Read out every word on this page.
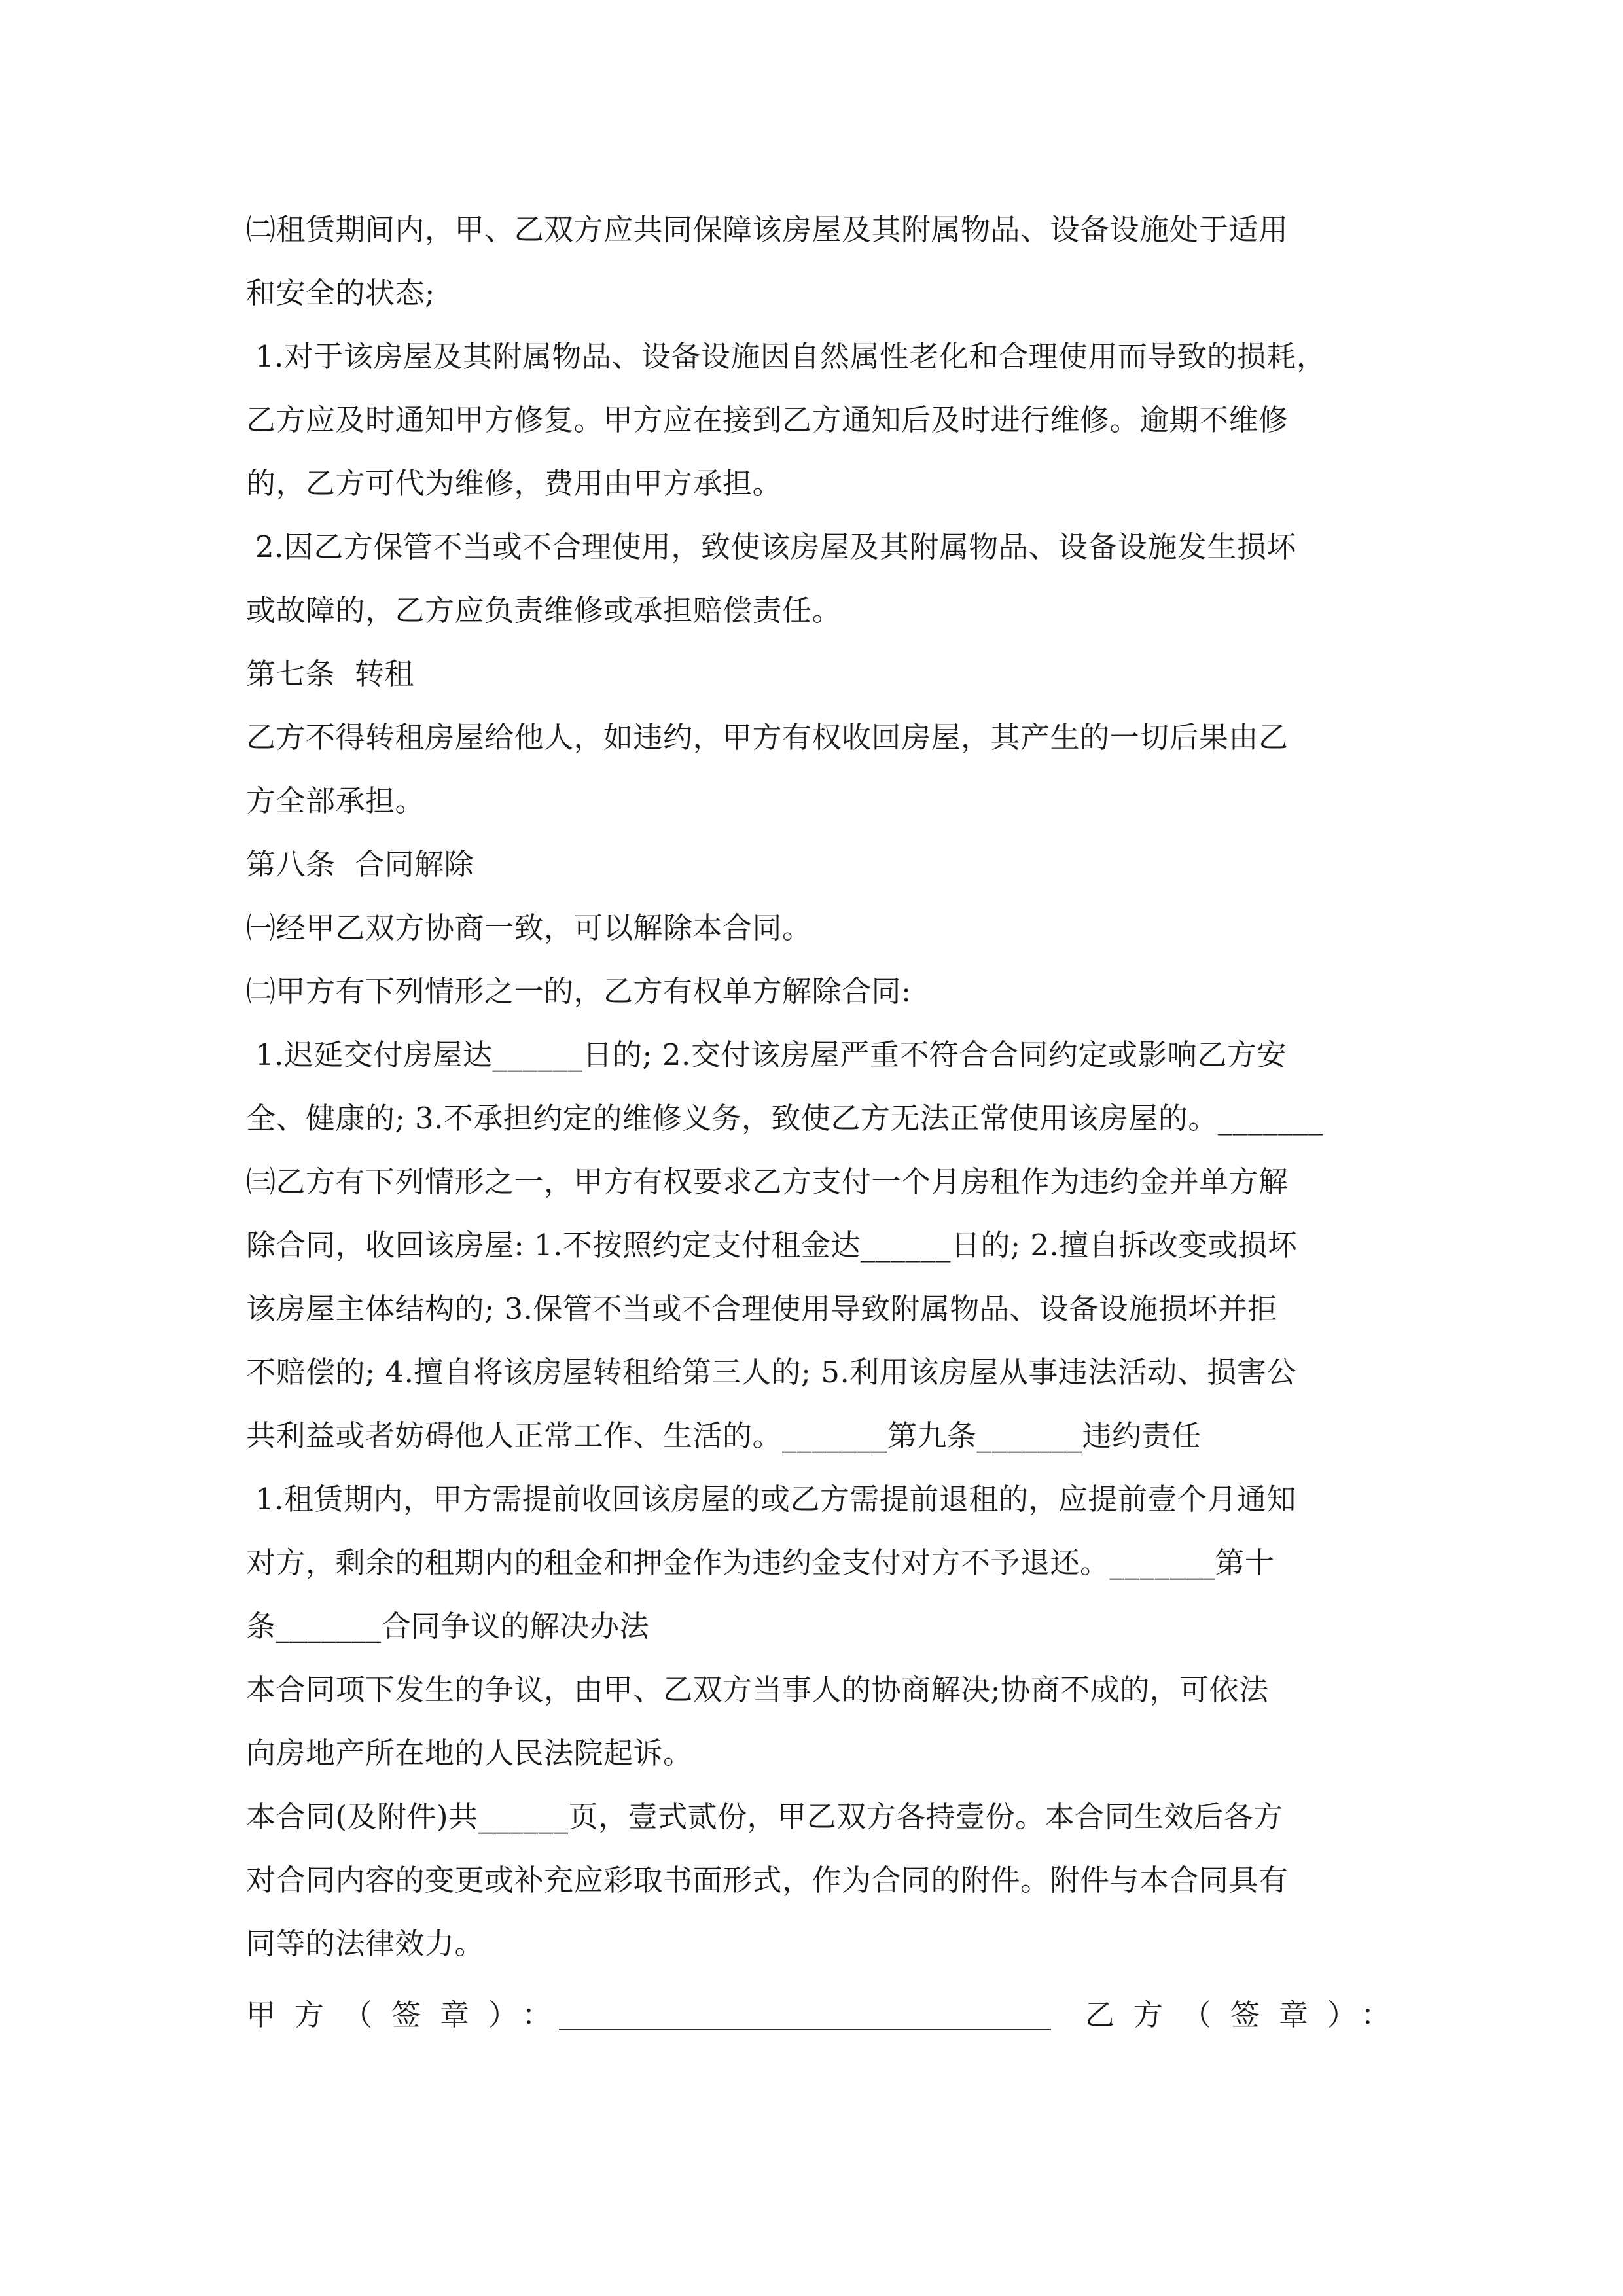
㈡租赁期间内，甲、乙双方应共同保障该房屋及其附属物品、设备设施处于适用
和安全的状态;
1.对于该房屋及其附属物品、设备设施因自然属性老化和合理使用而导致的损耗，
乙方应及时通知甲方修复。甲方应在接到乙方通知后及时进行维修。逾期不维修
的，乙方可代为维修，费用由甲方承担。
2.因乙方保管不当或不合理使用，致使该房屋及其附属物品、设备设施发生损坏
或故障的，乙方应负责维修或承担赔偿责任。
第七条  转租
乙方不得转租房屋给他人，如违约，甲方有权收回房屋，其产生的一切后果由乙
方全部承担。
第八条  合同解除
㈠经甲乙双方协商一致，可以解除本合同。
㈡甲方有下列情形之一的，乙方有权单方解除合同:
1.迟延交付房屋达______日的; 2.交付该房屋严重不符合合同约定或影响乙方安
全、健康的; 3.不承担约定的维修义务，致使乙方无法正常使用该房屋的。_______
㈢乙方有下列情形之一，甲方有权要求乙方支付一个月房租作为违约金并单方解
除合同，收回该房屋: 1.不按照约定支付租金达______日的; 2.擅自拆改变或损坏
该房屋主体结构的; 3.保管不当或不合理使用导致附属物品、设备设施损坏并拒
不赔偿的; 4.擅自将该房屋转租给第三人的; 5.利用该房屋从事违法活动、损害公
共利益或者妨碍他人正常工作、生活的。_______第九条_______违约责任
1.租赁期内，甲方需提前收回该房屋的或乙方需提前退租的，应提前壹个月通知
对方，剩余的租期内的租金和押金作为违约金支付对方不予退还。_______第十
条_______合同争议的解决办法
本合同项下发生的争议，由甲、乙双方当事人的协商解决;协商不成的，可依法
向房地产所在地的人民法院起诉。
本合同(及附件)共______页，壹式贰份，甲乙双方各持壹份。本合同生效后各方
对合同内容的变更或补充应彩取书面形式，作为合同的附件。附件与本合同具有
同等的法律效力。
甲方（签章）：	乙方（签章）：
